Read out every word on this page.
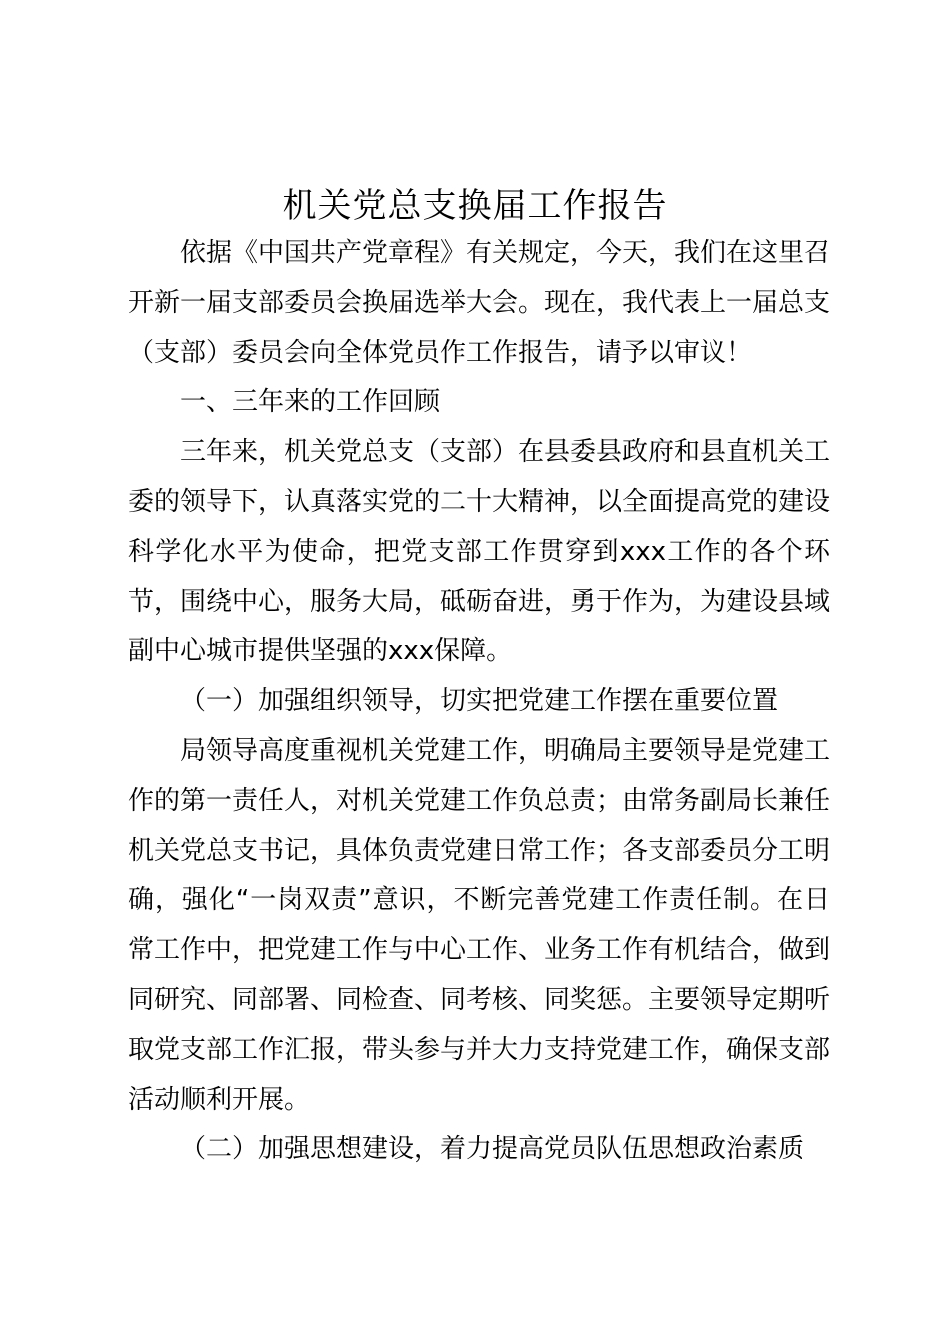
机关党总支换届工作报告

依据《中国共产党章程》有关规定，今天，我们在这里召开新一届支部委员会换届选举大会。现在，我代表上一届总支（支部）委员会向全体党员作工作报告，请予以审议！

一、三年来的工作回顾

三年来，机关党总支（支部）在县委县政府和县直机关工委的领导下，认真落实党的二十大精神，以全面提高党的建设科学化水平为使命，把党支部工作贯穿到xxx工作的各个环节，围绕中心，服务大局，砥砺奋进，勇于作为，为建设县域副中心城市提供坚强的xxx保障。

（一）加强组织领导，切实把党建工作摆在重要位置

局领导高度重视机关党建工作，明确局主要领导是党建工作的第一责任人，对机关党建工作负总责；由常务副局长兼任机关党总支书记，具体负责党建日常工作；各支部委员分工明确，强化“一岗双责”意识，不断完善党建工作责任制。在日常工作中，把党建工作与中心工作、业务工作有机结合，做到同研究、同部署、同检查、同考核、同奖惩。主要领导定期听取党支部工作汇报，带头参与并大力支持党建工作，确保支部活动顺利开展。

（二）加强思想建设，着力提高党员队伍思想政治素质
